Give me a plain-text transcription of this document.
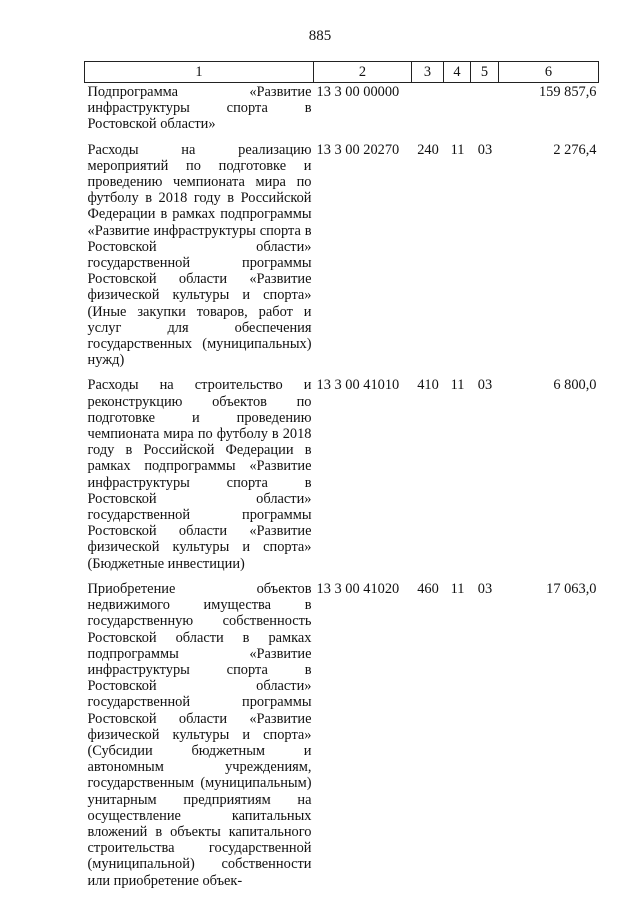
885
1	2	3	4	5	6
Подпрограмма «Развитие инфраструктуры спорта в Ростовской области»	13 3 00 00000				159 857,6
Расходы на реализацию мероприятий по подготовке и проведению чемпионата мира по футболу в 2018 году в Российской Федерации в рамках подпрограммы «Развитие инфраструктуры спорта в Ростовской области» государственной программы Ростовской области «Развитие физической культуры и спорта» (Иные закупки товаров, работ и услуг для обеспечения государственных (муниципальных) нужд)	13 3 00 20270	240	11	03	2 276,4
Расходы на строительство и реконструкцию объектов по подготовке и проведению чемпионата мира по футболу в 2018 году в Российской Федерации в рамках подпрограммы «Развитие инфраструктуры спорта в Ростовской области» государственной программы Ростовской области «Развитие физической культуры и спорта» (Бюджетные инвестиции)	13 3 00 41010	410	11	03	6 800,0
Приобретение объектов недвижимого имущества в государственную собственность Ростовской области в рамках подпрограммы «Развитие инфраструктуры спорта в Ростовской области» государственной программы Ростовской области «Развитие физической культуры и спорта» (Субсидии бюджетным и автономным учреждениям, государственным (муниципальным) унитарным предприятиям на осуществление капитальных вложений в объекты капитального строительства государственной (муниципальной) собственности или приобретение объек-	13 3 00 41020	460	11	03	17 063,0
